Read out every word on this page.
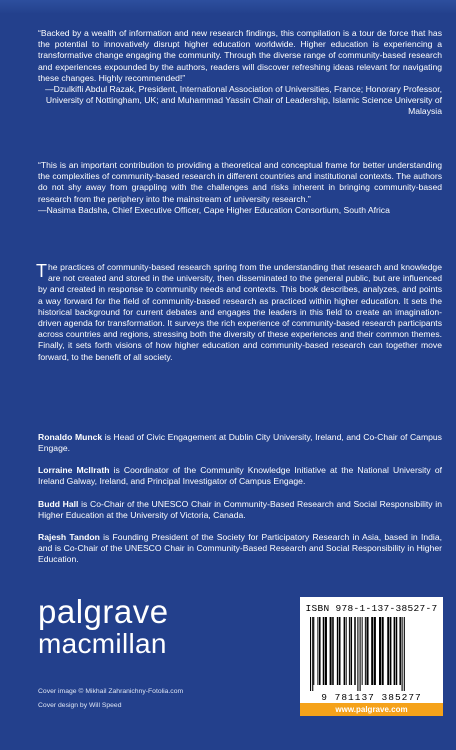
“Backed by a wealth of information and new research findings, this compilation is a tour de force that has the potential to innovatively disrupt higher education worldwide. Higher education is experiencing a transformative change engaging the community. Through the diverse range of community-based research and experiences expounded by the authors, readers will discover refreshing ideas relevant for navigating these changes. Highly recommended!”
—Dzulkifli Abdul Razak, President, International Association of Universities, France; Honorary Professor, University of Nottingham, UK; and Muhammad Yassin Chair of Leadership, Islamic Science University of Malaysia
“This is an important contribution to providing a theoretical and conceptual frame for better understanding the complexities of community-based research in different countries and institutional contexts. The authors do not shy away from grappling with the challenges and risks inherent in bringing community-based research from the periphery into the mainstream of university research.”
—Nasima Badsha, Chief Executive Officer, Cape Higher Education Consortium, South Africa
The practices of community-based research spring from the understanding that research and knowledge are not created and stored in the university, then disseminated to the general public, but are influenced by and created in response to community needs and contexts. This book describes, analyzes, and points a way forward for the field of community-based research as practiced within higher education. It sets the historical background for current debates and engages the leaders in this field to create an imagination-driven agenda for transformation. It surveys the rich experience of community-based research participants across countries and regions, stressing both the diversity of these experiences and their common themes. Finally, it sets forth visions of how higher education and community-based research can together move forward, to the benefit of all society.
Ronaldo Munck is Head of Civic Engagement at Dublin City University, Ireland, and Co-Chair of Campus Engage.
Lorraine McIlrath is Coordinator of the Community Knowledge Initiative at the National University of Ireland Galway, Ireland, and Principal Investigator of Campus Engage.
Budd Hall is Co-Chair of the UNESCO Chair in Community-Based Research and Social Responsibility in Higher Education at the University of Victoria, Canada.
Rajesh Tandon is Founding President of the Society for Participatory Research in Asia, based in India, and is Co-Chair of the UNESCO Chair in Community-Based Research and Social Responsibility in Higher Education.
palgrave
macmillan
Cover image © Mikhail Zahranichny-Fotolia.com
Cover design by Will Speed
ISBN 978-1-137-38527-7
9 781137 385277
www.palgrave.com
